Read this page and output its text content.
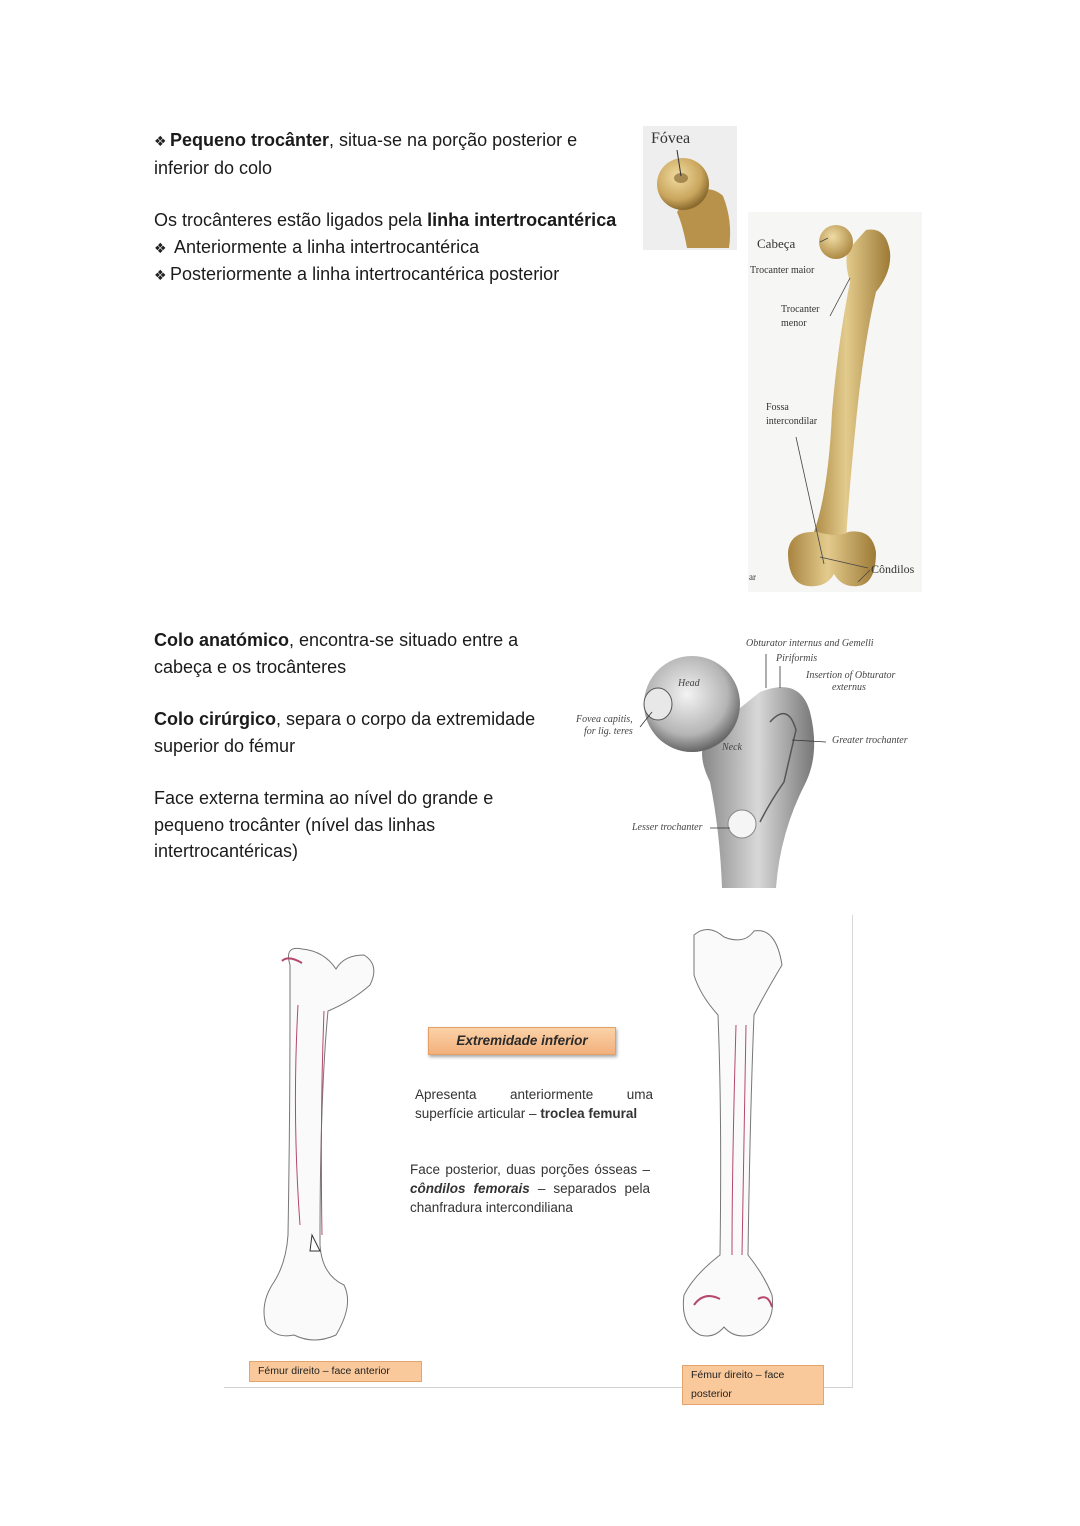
❖ Pequeno trocânter, situa-se na porção posterior e

inferior do colo

Os trocânteres estão ligados pela linha intertrocantérica

❖ Anteriormente a linha intertrocantérica

❖ Posteriormente a linha intertrocantérica posterior

Fóvea
Cabeça
Trocanter maior
Trocanter
menor
Fossa
intercondilar
Côndilos
ar

Colo anatómico, encontra-se situado entre a

cabeça e os trocânteres

Colo cirúrgico, separa o corpo da extremidade

superior do fémur

Face externa termina ao nível do grande e

pequeno trocânter (nível das linhas

intertrocantéricas)

Obturator internus and Gemelli
Piriformis
Insertion of Obturator
externus
Fovea capitis,
for lig. teres
Head
Neck
Greater trochanter
Lesser trochanter
Extremidade inferior
Apresenta anteriormente uma superfície articular – troclea femural
Face posterior, duas porções ósseas – côndilos femorais – separados pela chanfradura intercondiliana
Fémur direito – face anterior	Fémur direito – face posterior
